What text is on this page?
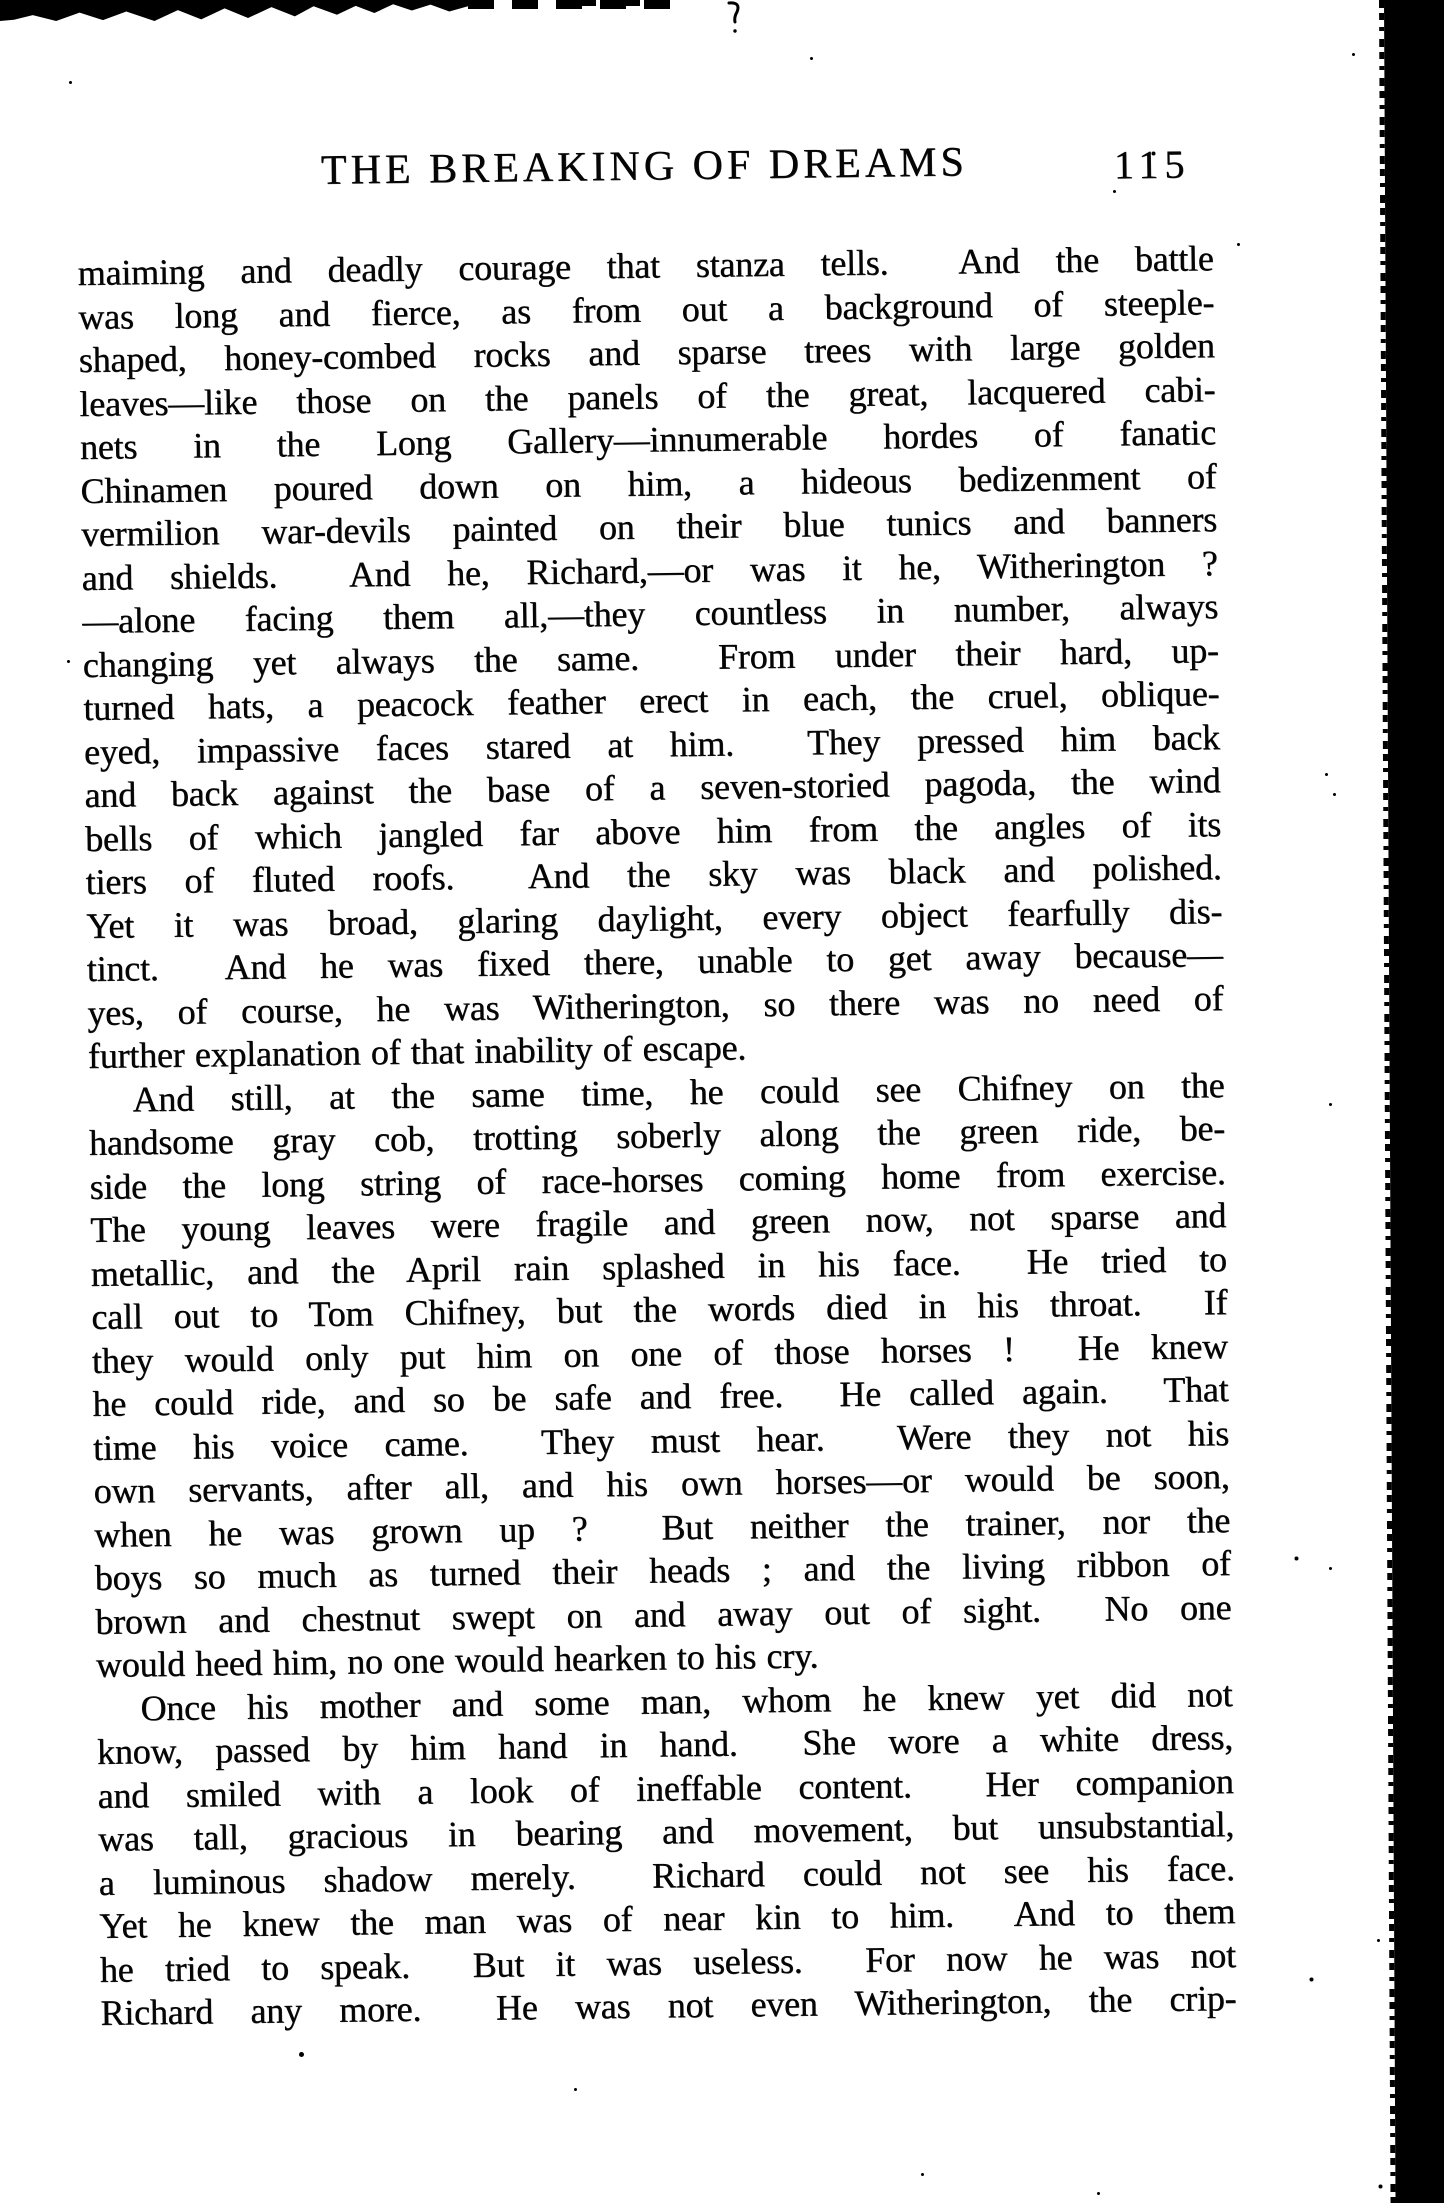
THE BREAKING OF DREAMS	115
maiming and deadly courage that stanza tells.  And the battle
was long and fierce, as from out a background of steeple-
shaped, honey-combed rocks and sparse trees with large golden
leaves—like those on the panels of the great, lacquered cabi-
nets in the Long Gallery—innumerable hordes of fanatic
Chinamen poured down on him, a hideous bedizenment of
vermilion war-devils painted on their blue tunics and banners
and shields.  And he, Richard,—or was it he, Witherington ?
—alone facing them all,—they countless in number, always
changing yet always the same.  From under their hard, up-
turned hats, a peacock feather erect in each, the cruel, oblique-
eyed, impassive faces stared at him.  They pressed him back
and back against the base of a seven-storied pagoda, the wind
bells of which jangled far above him from the angles of its
tiers of fluted roofs.  And the sky was black and polished.
Yet it was broad, glaring daylight, every object fearfully dis-
tinct.  And he was fixed there, unable to get away because—
yes, of course, he was Witherington, so there was no need of
further explanation of that inability of escape.
And still, at the same time, he could see Chifney on the
handsome gray cob, trotting soberly along the green ride, be-
side the long string of race-horses coming home from exercise.
The young leaves were fragile and green now, not sparse and
metallic, and the April rain splashed in his face.  He tried to
call out to Tom Chifney, but the words died in his throat.  If
they would only put him on one of those horses !  He knew
he could ride, and so be safe and free.  He called again.  That
time his voice came.  They must hear.  Were they not his
own servants, after all, and his own horses—or would be soon,
when he was grown up ?  But neither the trainer, nor the
boys so much as turned their heads ; and the living ribbon of
brown and chestnut swept on and away out of sight.  No one
would heed him, no one would hearken to his cry.
Once his mother and some man, whom he knew yet did not
know, passed by him hand in hand.  She wore a white dress,
and smiled with a look of ineffable content.  Her companion
was tall, gracious in bearing and movement, but unsubstantial,
a luminous shadow merely.  Richard could not see his face.
Yet he knew the man was of near kin to him.  And to them
he tried to speak.  But it was useless.  For now he was not
Richard any more.  He was not even Witherington, the crip-
